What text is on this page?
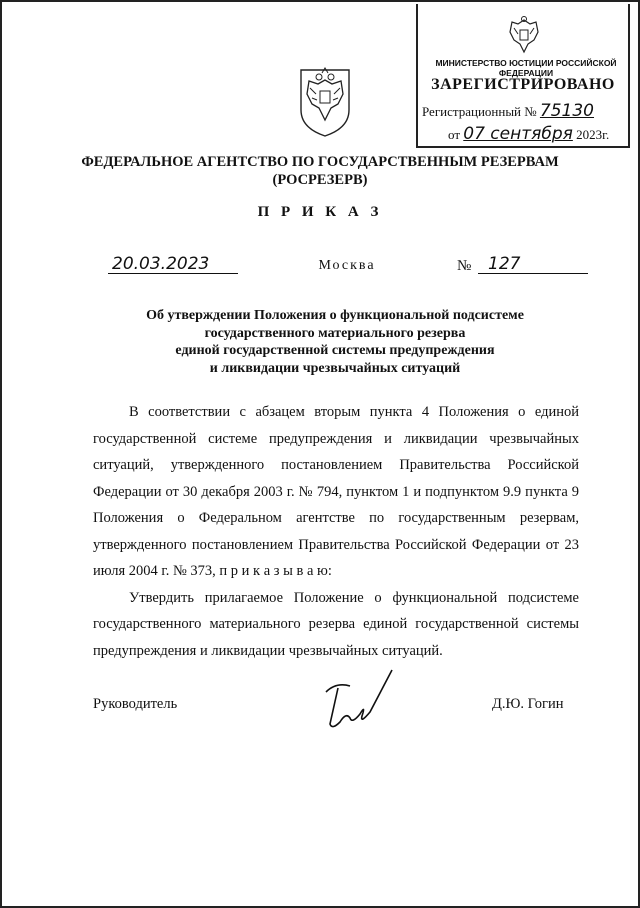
МИНИСТЕРСТВО ЮСТИЦИИ РОССИЙСКОЙ ФЕДЕРАЦИИ
ЗАРЕГИСТРИРОВАНО
Регистрационный № 75130
от 07 сентября 2023г.
ФЕДЕРАЛЬНОЕ АГЕНТСТВО ПО ГОСУДАРСТВЕННЫМ РЕЗЕРВАМ
(РОСРЕЗЕРВ)
П Р И К А З
20.03.2023	Москва	№ 127
Об утверждении Положения о функциональной подсистеме
государственного материального резерва
единой государственной системы предупреждения
и ликвидации чрезвычайных ситуаций

В соответствии с абзацем вторым пункта 4 Положения о единой государственной системе предупреждения и ликвидации чрезвычайных ситуаций, утвержденного постановлением Правительства Российской Федерации от 30 декабря 2003 г. № 794, пунктом 1 и подпунктом 9.9 пункта 9 Положения о Федеральном агентстве по государственным резервам, утвержденного постановлением Правительства Российской Федерации от 23 июля 2004 г. № 373, п р и к а з ы в а ю:

Утвердить прилагаемое Положение о функциональной подсистеме государственного материального резерва единой государственной системы предупреждения и ликвидации чрезвычайных ситуаций.

Руководитель	Д.Ю. Гогин
